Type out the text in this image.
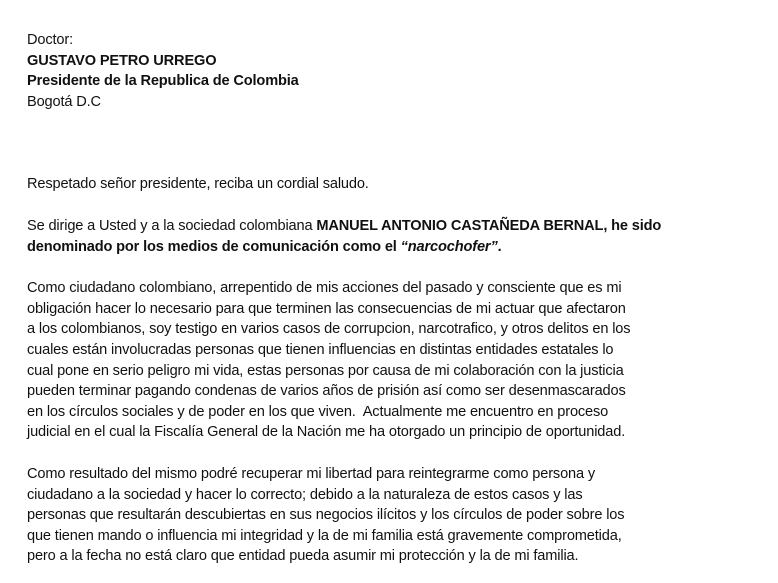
Doctor:
GUSTAVO PETRO URREGO
Presidente de la Republica de Colombia
Bogotá D.C
Respetado señor presidente, reciba un cordial saludo.
Se dirige a Usted y a la sociedad colombiana MANUEL ANTONIO CASTAÑEDA BERNAL, he sido
denominado por los medios de comunicación como el “narcochofer”.
Como ciudadano colombiano, arrepentido de mis acciones del pasado y consciente que es mi
obligación hacer lo necesario para que terminen las consecuencias de mi actuar que afectaron
a los colombianos, soy testigo en varios casos de corrupcion, narcotrafico, y otros delitos en los
cuales están involucradas personas que tienen influencias en distintas entidades estatales lo
cual pone en serio peligro mi vida, estas personas por causa de mi colaboración con la justicia
pueden terminar pagando condenas de varios años de prisión así como ser desenmascarados
en los círculos sociales y de poder en los que viven.  Actualmente me encuentro en proceso
judicial en el cual la Fiscalía General de la Nación me ha otorgado un principio de oportunidad.
Como resultado del mismo podré recuperar mi libertad para reintegrarme como persona y
ciudadano a la sociedad y hacer lo correcto; debido a la naturaleza de estos casos y las
personas que resultarán descubiertas en sus negocios ilícitos y los círculos de poder sobre los
que tienen mando o influencia mi integridad y la de mi familia está gravemente comprometida,
pero a la fecha no está claro que entidad pueda asumir mi protección y la de mi familia.
